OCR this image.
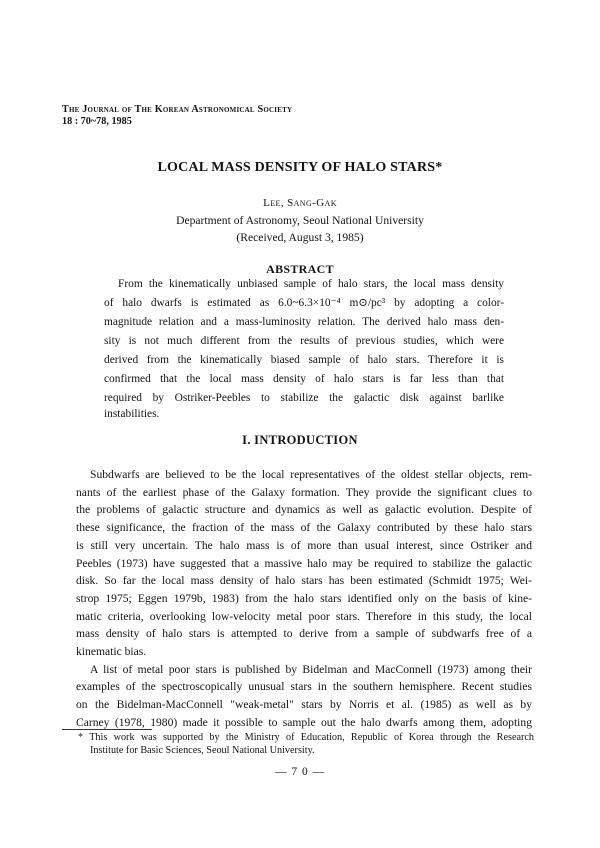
The Journal of The Korean Astronomical Society
18 : 70~78, 1985
LOCAL MASS DENSITY OF HALO STARS*
Lee, Sang-Gak
Department of Astronomy, Seoul National University
(Received, August 3, 1985)
ABSTRACT
From the kinematically unbiased sample of halo stars, the local mass density
of halo dwarfs is estimated as 6.0~6.3×10⁻⁴ m⊙/pc³ by adopting a color-
magnitude relation and a mass-luminosity relation. The derived halo mass den-
sity is not much different from the results of previous studies, which were
derived from the kinematically biased sample of halo stars. Therefore it is
confirmed that the local mass density of halo stars is far less than that
required by Ostriker-Peebles to stabilize the galactic disk against barlike
instabilities.
I. INTRODUCTION
Subdwarfs are believed to be the local representatives of the oldest stellar objects, rem-
nants of the earliest phase of the Galaxy formation. They provide the significant clues to
the problems of galactic structure and dynamics as well as galactic evolution. Despite of
these significance, the fraction of the mass of the Galaxy contributed by these halo stars
is still very uncertain. The halo mass is of more than usual interest, since Ostriker and
Peebles (1973) have suggested that a massive halo may be required to stabilize the galactic
disk. So far the local mass density of halo stars has been estimated (Schmidt 1975; Wei-
strop 1975; Eggen 1979b, 1983) from the halo stars identified only on the basis of kine-
matic criteria, overlooking low-velocity metal poor stars. Therefore in this study, the local
mass density of halo stars is attempted to derive from a sample of subdwarfs free of a
kinematic bias.
A list of metal poor stars is published by Bidelman and MacConnell (1973) among their
examples of the spectroscopically unusual stars in the southern hemisphere. Recent studies
* This work was supported by the Ministry of Education, Republic of Korea through the Research
Institute for Basic Sciences, Seoul National University.
— 7 0 —
on the Bidelman-MacConnell "weak-metal" stars by Norris et al. (1985) as well as by
Carney (1978, 1980) made it possible to sample out the halo dwarfs among them, adopting
